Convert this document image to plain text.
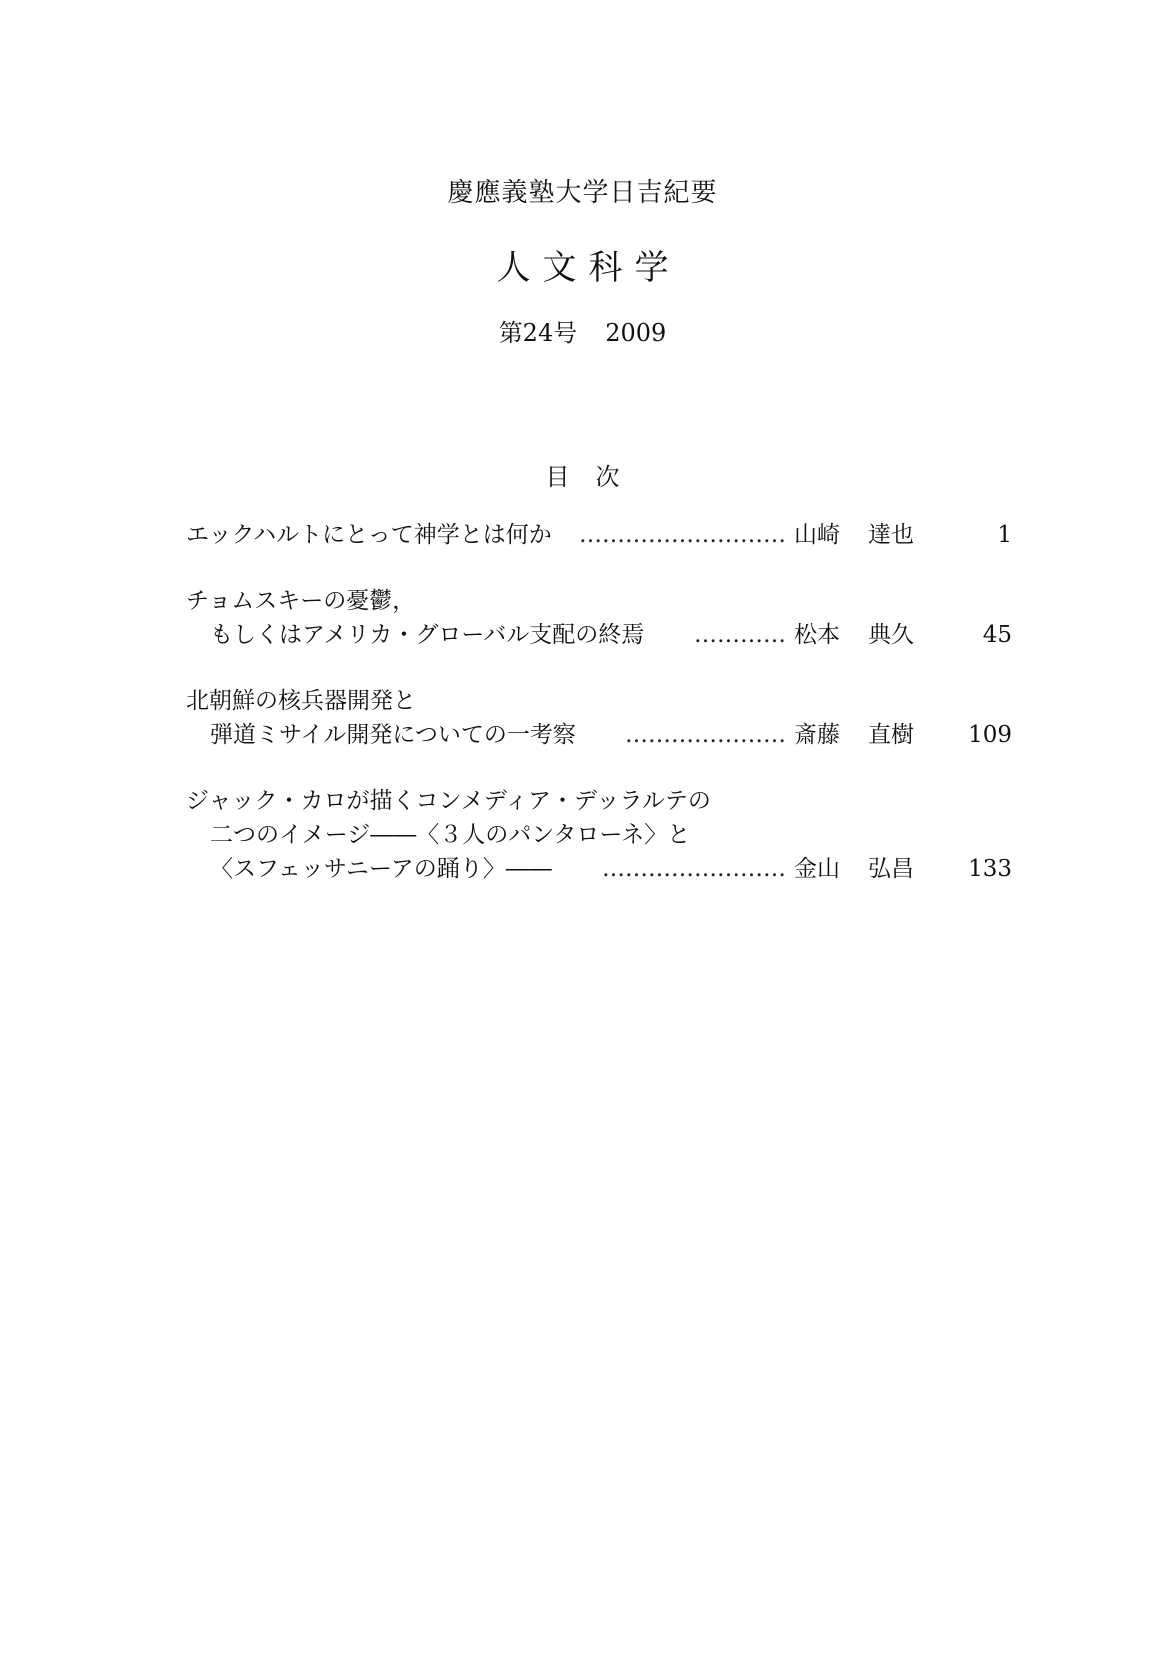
慶應義塾大学日吉紀要
人文科学
第24号 2009
目次
エックハルトにとって神学とは何か ……………………… 山崎 達也	1
チョムスキーの憂鬱，
もしくはアメリカ・グローバル支配の終焉 ………… 松本 典久	45
北朝鮮の核兵器開発と
弾道ミサイル開発についての一考察 ………………… 斎藤 直樹	109
ジャック・カロが描くコンメディア・デッラルテの
二つのイメージ――〈３人のパンタローネ〉と
〈スフェッサニーアの踊り〉―― …………………… 金山 弘昌	133
